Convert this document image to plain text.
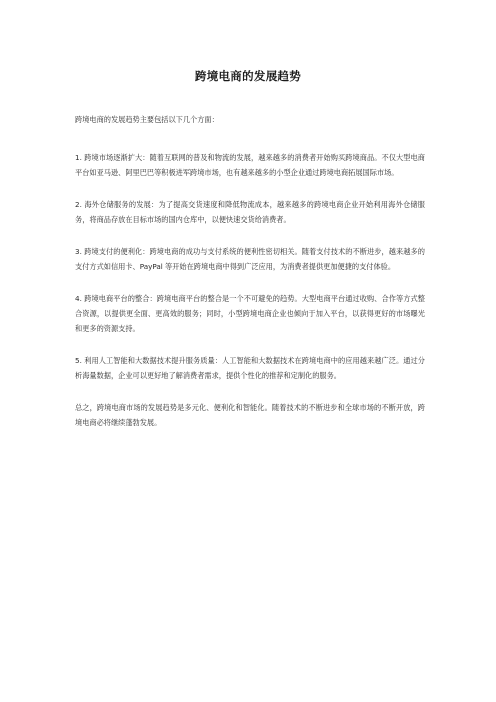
跨境电商的发展趋势

跨境电商的发展趋势主要包括以下几个方面：

1. 跨境市场逐渐扩大：随着互联网的普及和物流的发展，越来越多的消费者开始购买跨境商品。不仅大型电商平台如亚马逊、阿里巴巴等积极进军跨境市场，也有越来越多的小型企业通过跨境电商拓展国际市场。

2. 海外仓储服务的发展：为了提高交货速度和降低物流成本，越来越多的跨境电商企业开始利用海外仓储服务，将商品存放在目标市场的国内仓库中，以便快速交货给消费者。

3. 跨境支付的便利化：跨境电商的成功与支付系统的便利性密切相关。随着支付技术的不断进步，越来越多的支付方式如信用卡、PayPal 等开始在跨境电商中得到广泛应用，为消费者提供更加便捷的支付体验。

4. 跨境电商平台的整合：跨境电商平台的整合是一个不可避免的趋势。大型电商平台通过收购、合作等方式整合资源，以提供更全面、更高效的服务；同时，小型跨境电商企业也倾向于加入平台，以获得更好的市场曝光和更多的资源支持。

5. 利用人工智能和大数据技术提升服务质量：人工智能和大数据技术在跨境电商中的应用越来越广泛。通过分析海量数据，企业可以更好地了解消费者需求，提供个性化的推荐和定制化的服务。

总之，跨境电商市场的发展趋势是多元化、便利化和智能化。随着技术的不断进步和全球市场的不断开放，跨境电商必将继续蓬勃发展。
